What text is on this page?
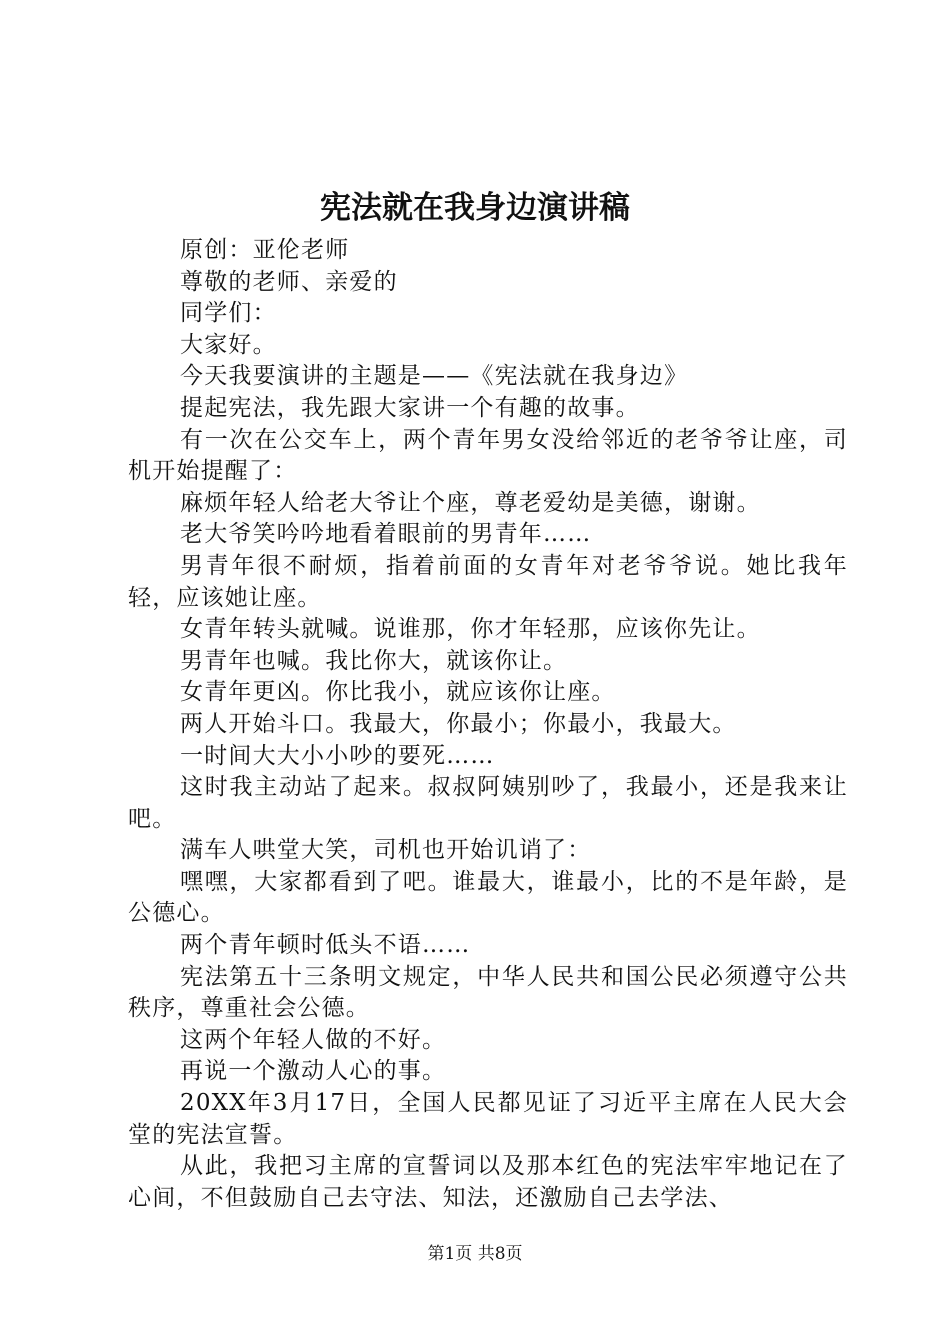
宪法就在我身边演讲稿

原创：亚伦老师

尊敬的老师、亲爱的

同学们：

大家好。

今天我要演讲的主题是——《宪法就在我身边》

提起宪法，我先跟大家讲一个有趣的故事。

有一次在公交车上，两个青年男女没给邻近的老爷爷让座，司机开始提醒了：

麻烦年轻人给老大爷让个座，尊老爱幼是美德，谢谢。

老大爷笑吟吟地看着眼前的男青年……

男青年很不耐烦，指着前面的女青年对老爷爷说。她比我年轻，应该她让座。

女青年转头就喊。说谁那，你才年轻那，应该你先让。

男青年也喊。我比你大，就该你让。

女青年更凶。你比我小，就应该你让座。

两人开始斗口。我最大，你最小；你最小，我最大。

一时间大大小小吵的要死……

这时我主动站了起来。叔叔阿姨别吵了，我最小，还是我来让吧。

满车人哄堂大笑，司机也开始讥诮了：

嘿嘿，大家都看到了吧。谁最大，谁最小，比的不是年龄，是公德心。

两个青年顿时低头不语……

宪法第五十三条明文规定，中华人民共和国公民必须遵守公共秩序，尊重社会公德。

这两个年轻人做的不好。

再说一个激动人心的事。

20XX年3月17日，全国人民都见证了习近平主席在人民大会堂的宪法宣誓。

从此，我把习主席的宣誓词以及那本红色的宪法牢牢地记在了心间，不但鼓励自己去守法、知法，还激励自己去学法、

第1页 共8页
